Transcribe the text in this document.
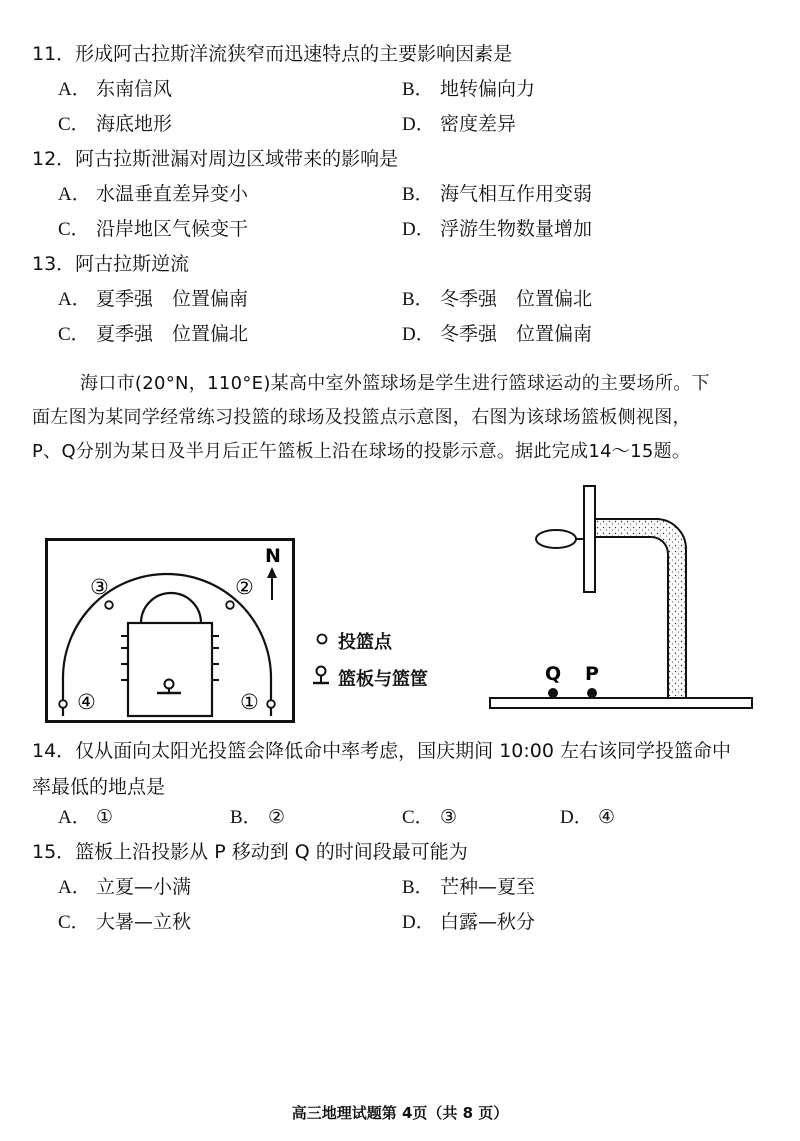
11．形成阿古拉斯洋流狭窄而迅速特点的主要影响因素是
A． 东南信风	B． 地转偏向力
C． 海底地形	D． 密度差异
12．阿古拉斯泄漏对周边区域带来的影响是
A． 水温垂直差异变小	B． 海气相互作用变弱
C． 沿岸地区气候变干	D． 浮游生物数量增加
13．阿古拉斯逆流
A． 夏季强　位置偏南	B． 冬季强　位置偏北
C． 夏季强　位置偏北	D． 冬季强　位置偏南

海口市(20°N，110°E)某高中室外篮球场是学生进行篮球运动的主要场所。下

面左图为某同学经常练习投篮的球场及投篮点示意图，右图为该球场篮板侧视图，

P、Q分别为某日及半月后正午篮板上沿在球场的投影示意。据此完成14～15题。

③	②
④	①
N
投篮点
篮板与篮筐	Q P
14．仅从面向太阳光投篮会降低命中率考虑，国庆期间 10:00 左右该同学投篮命中
率最低的地点是
A． ①	B． ②	C． ③	D． ④
15．篮板上沿投影从 P 移动到 Q 的时间段最可能为
A． 立夏—小满	B． 芒种—夏至
C． 大暑—立秋	D． 白露—秋分
高三地理试题第 4页（共 8 页）
